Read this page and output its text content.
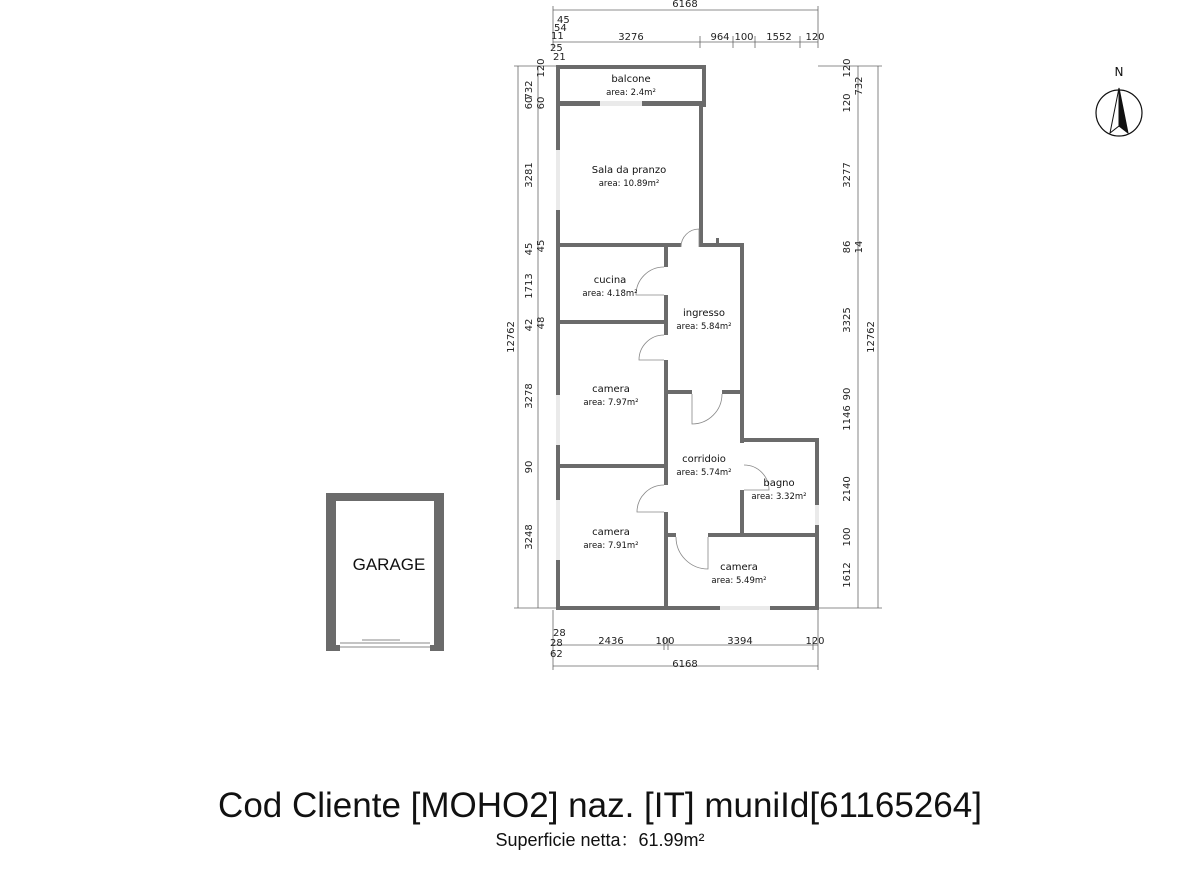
6168
45
54
11
25
21
3276	964 100 1552 120
12762
732
3281
45
1713
42
3278
90
3248
120
60 60
45
48	12762
732
3277
14
3325
1146
2140
100
1612
120
120
86
90
28
28
62
2436	100	3394	120
6168
balcone
area: 2.4m²
Sala da pranzo
area: 10.89m²
cucina
area: 4.18m²
ingresso
area: 5.84m²
camera
area: 7.97m²
corridoio
area: 5.74m²
bagno
area: 3.32m²
camera
area: 7.91m²
camera
area: 5.49m²
GARAGE
N
Cod Cliente [MOHO2] naz. [IT] muniId[61165264]
Superficie netta：61.99m²
